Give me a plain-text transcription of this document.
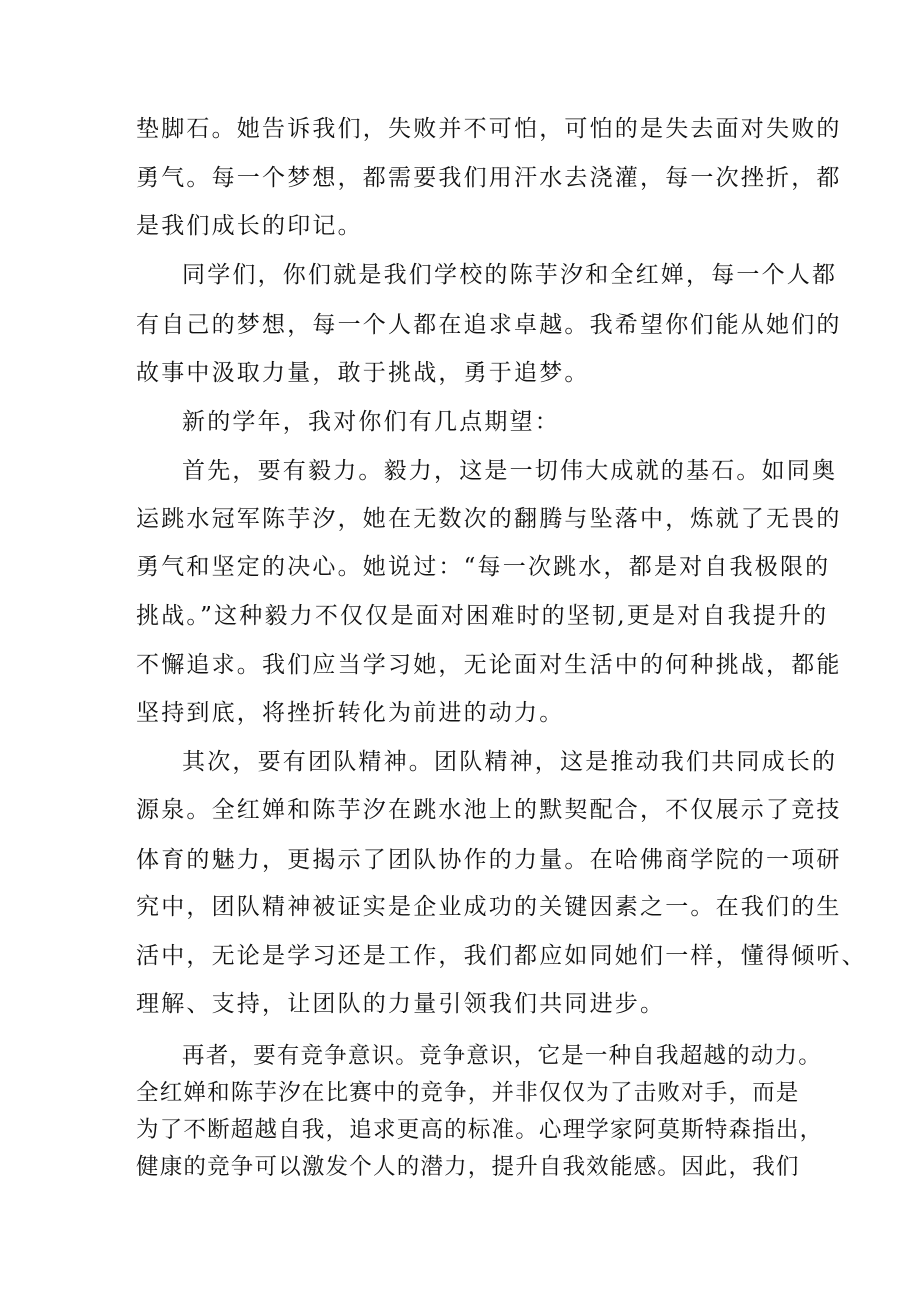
垫脚石。她告诉我们，失败并不可怕，可怕的是失去面对失败的

勇气。每一个梦想，都需要我们用汗水去浇灌，每一次挫折，都

是我们成长的印记。

同学们，你们就是我们学校的陈芋汐和全红婵，每一个人都

有自己的梦想，每一个人都在追求卓越。我希望你们能从她们的

故事中汲取力量，敢于挑战，勇于追梦。

新的学年，我对你们有几点期望：

首先，要有毅力。毅力，这是一切伟大成就的基石。如同奥

运跳水冠军陈芋汐，她在无数次的翻腾与坠落中，炼就了无畏的

勇气和坚定的决心。她说过：“每一次跳水，都是对自我极限的

挑战。”这种毅力不仅仅是面对困难时的坚韧,更是对自我提升的

不懈追求。我们应当学习她，无论面对生活中的何种挑战，都能

坚持到底，将挫折转化为前进的动力。

其次，要有团队精神。团队精神，这是推动我们共同成长的

源泉。全红婵和陈芋汐在跳水池上的默契配合，不仅展示了竞技

体育的魅力，更揭示了团队协作的力量。在哈佛商学院的一项研

究中，团队精神被证实是企业成功的关键因素之一。在我们的生

活中，无论是学习还是工作，我们都应如同她们一样，懂得倾听、

理解、支持，让团队的力量引领我们共同进步。

再者，要有竞争意识。竞争意识，它是一种自我超越的动力。

全红婵和陈芋汐在比赛中的竞争，并非仅仅为了击败对手，而是

为了不断超越自我，追求更高的标准。心理学家阿莫斯特森指出，

健康的竞争可以激发个人的潜力，提升自我效能感。因此，我们
